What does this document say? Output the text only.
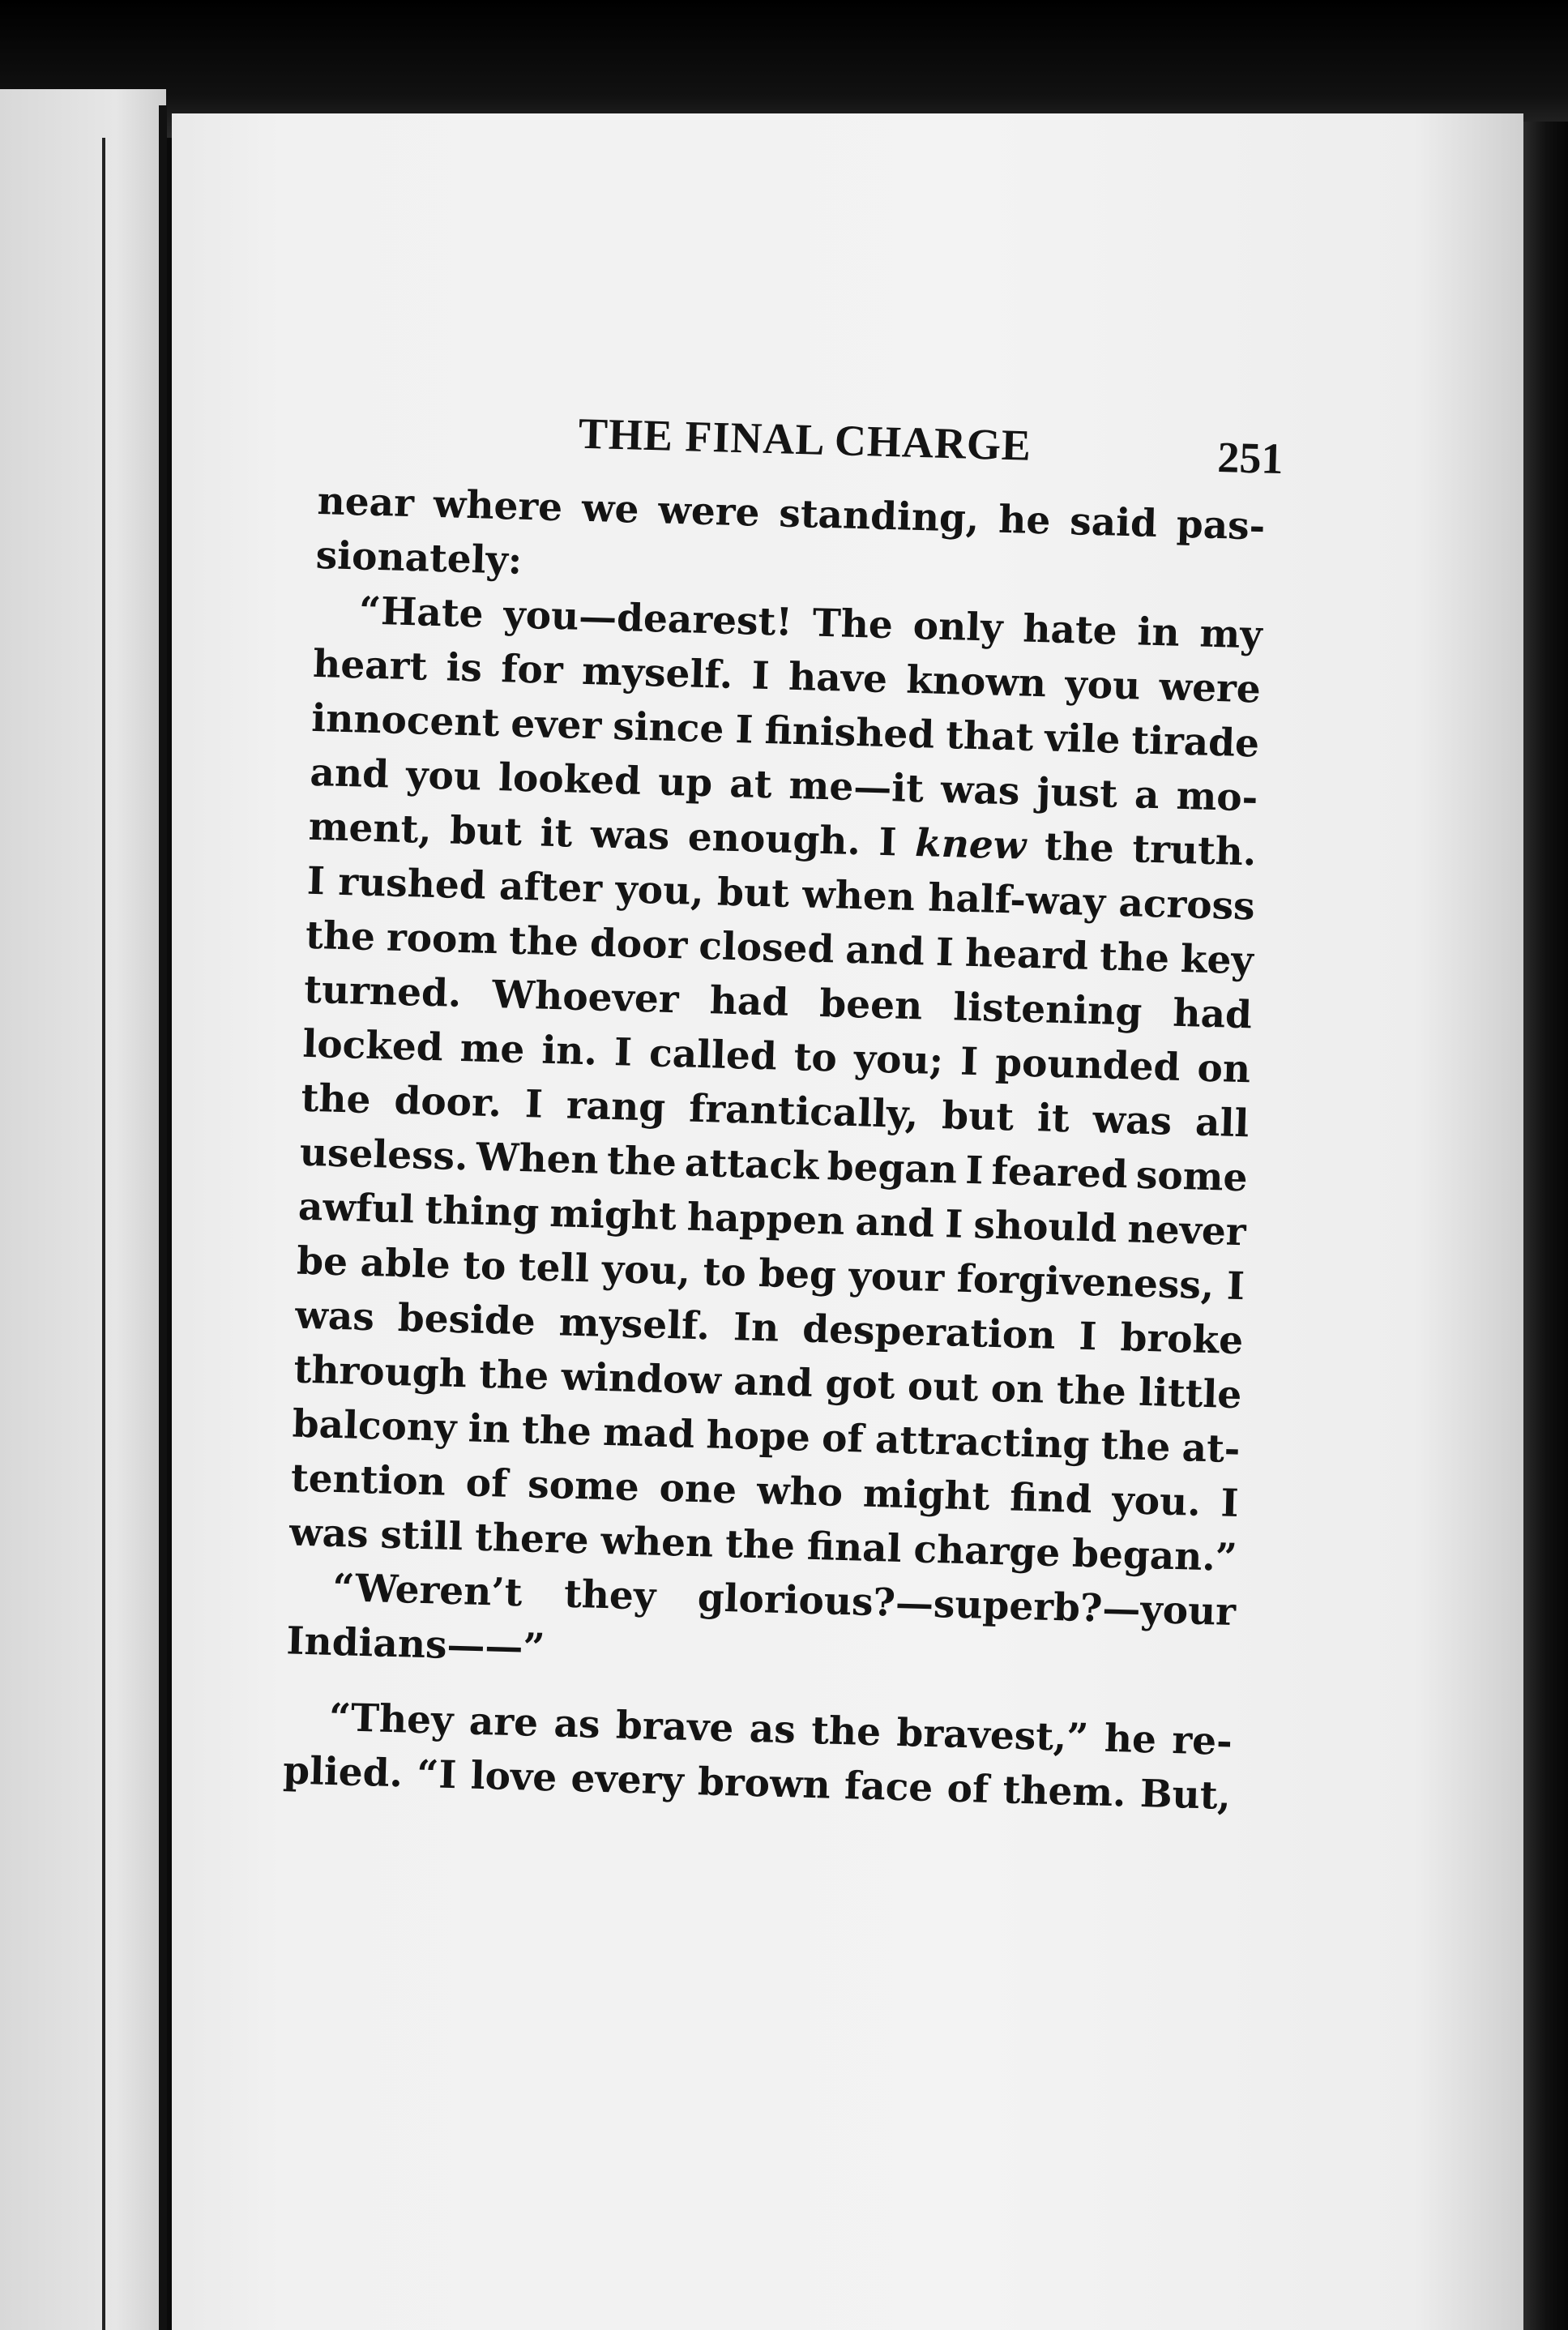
THE FINAL CHARGE	251
near where we were standing, he said pas-
sionately:
“Hate you—dearest! The only hate in my
heart is for myself. I have known you were
innocent ever since I finished that vile tirade
and you looked up at me—it was just a mo-
ment, but it was enough. I knew the truth.
I rushed after you, but when half-way across
the room the door closed and I heard the key
turned. Whoever had been listening had
locked me in. I called to you; I pounded on
the door. I rang frantically, but it was all
useless. When the attack began I feared some
awful thing might happen and I should never
be able to tell you, to beg your forgiveness, I
was beside myself. In desperation I broke
through the window and got out on the little
balcony in the mad hope of attracting the at-
tention of some one who might find you. I
was still there when the final charge began.”
“Weren’t they glorious?—superb?—your
Indians——”
“They are as brave as the bravest,” he re-
plied. “I love every brown face of them. But,
